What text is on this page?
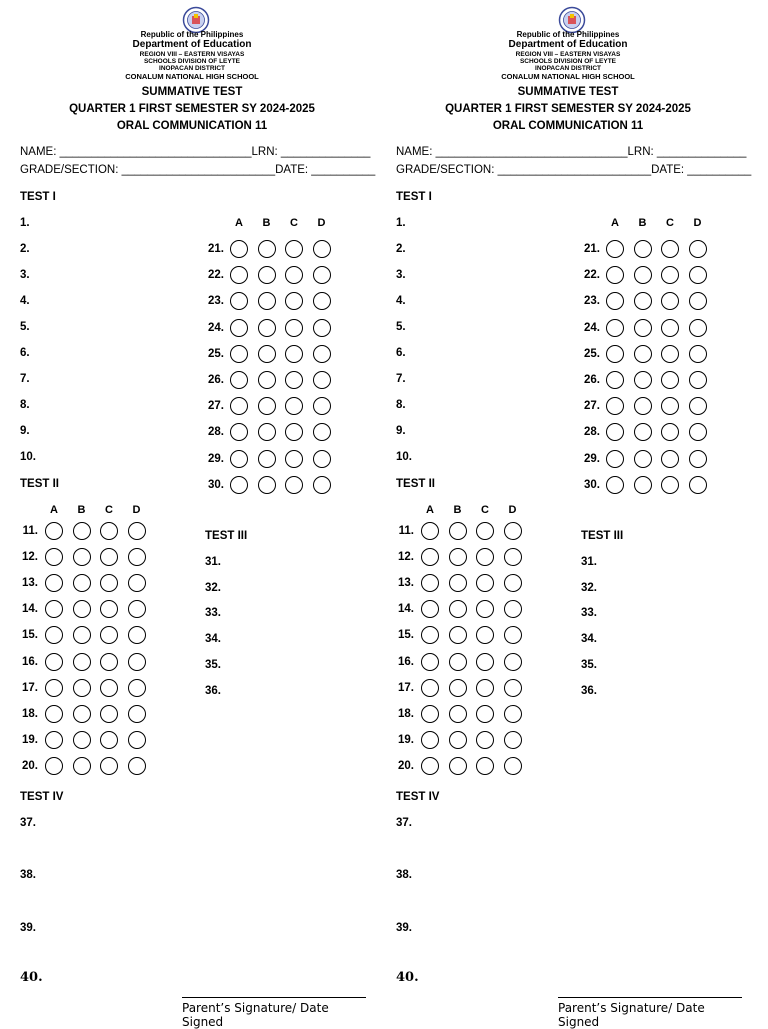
Republic of the Philippines
Department of Education
REGION VIII – EASTERN VISAYAS
SCHOOLS DIVISION OF LEYTE
INOPACAN DISTRICT
CONALUM NATIONAL HIGH SCHOOL
SUMMATIVE TEST
QUARTER 1 FIRST SEMESTER SY 2024-2025
ORAL COMMUNICATION 11
NAME: ______________________________LRN: ______________
GRADE/SECTION: ________________________DATE: __________
TEST I
1.
2.
3.
4.
5.
6.
7.
8.
9.
10.
TEST II
A	B	C	D
21.
22.
23.
24.
25.
26.
27.
28.
29.
30.
A	B	C	D
11.
12.
13.
14.
15.
16.
17.
18.
19.
20.
TEST III
31.
32.
33.
34.
35.
36.
TEST IV
37.
38.
39.
40.
Parent’s Signature/ Date
Signed
Republic of the Philippines
Department of Education
REGION VIII – EASTERN VISAYAS
SCHOOLS DIVISION OF LEYTE
INOPACAN DISTRICT
CONALUM NATIONAL HIGH SCHOOL
SUMMATIVE TEST
QUARTER 1 FIRST SEMESTER SY 2024-2025
ORAL COMMUNICATION 11
NAME: ______________________________LRN: ______________
GRADE/SECTION: ________________________DATE: __________
TEST I
1.
2.
3.
4.
5.
6.
7.
8.
9.
10.
TEST II
A	B	C	D
21.
22.
23.
24.
25.
26.
27.
28.
29.
30.
A	B	C	D
11.
12.
13.
14.
15.
16.
17.
18.
19.
20.
TEST III
31.
32.
33.
34.
35.
36.
TEST IV
37.
38.
39.
40.
Parent’s Signature/ Date
Signed
